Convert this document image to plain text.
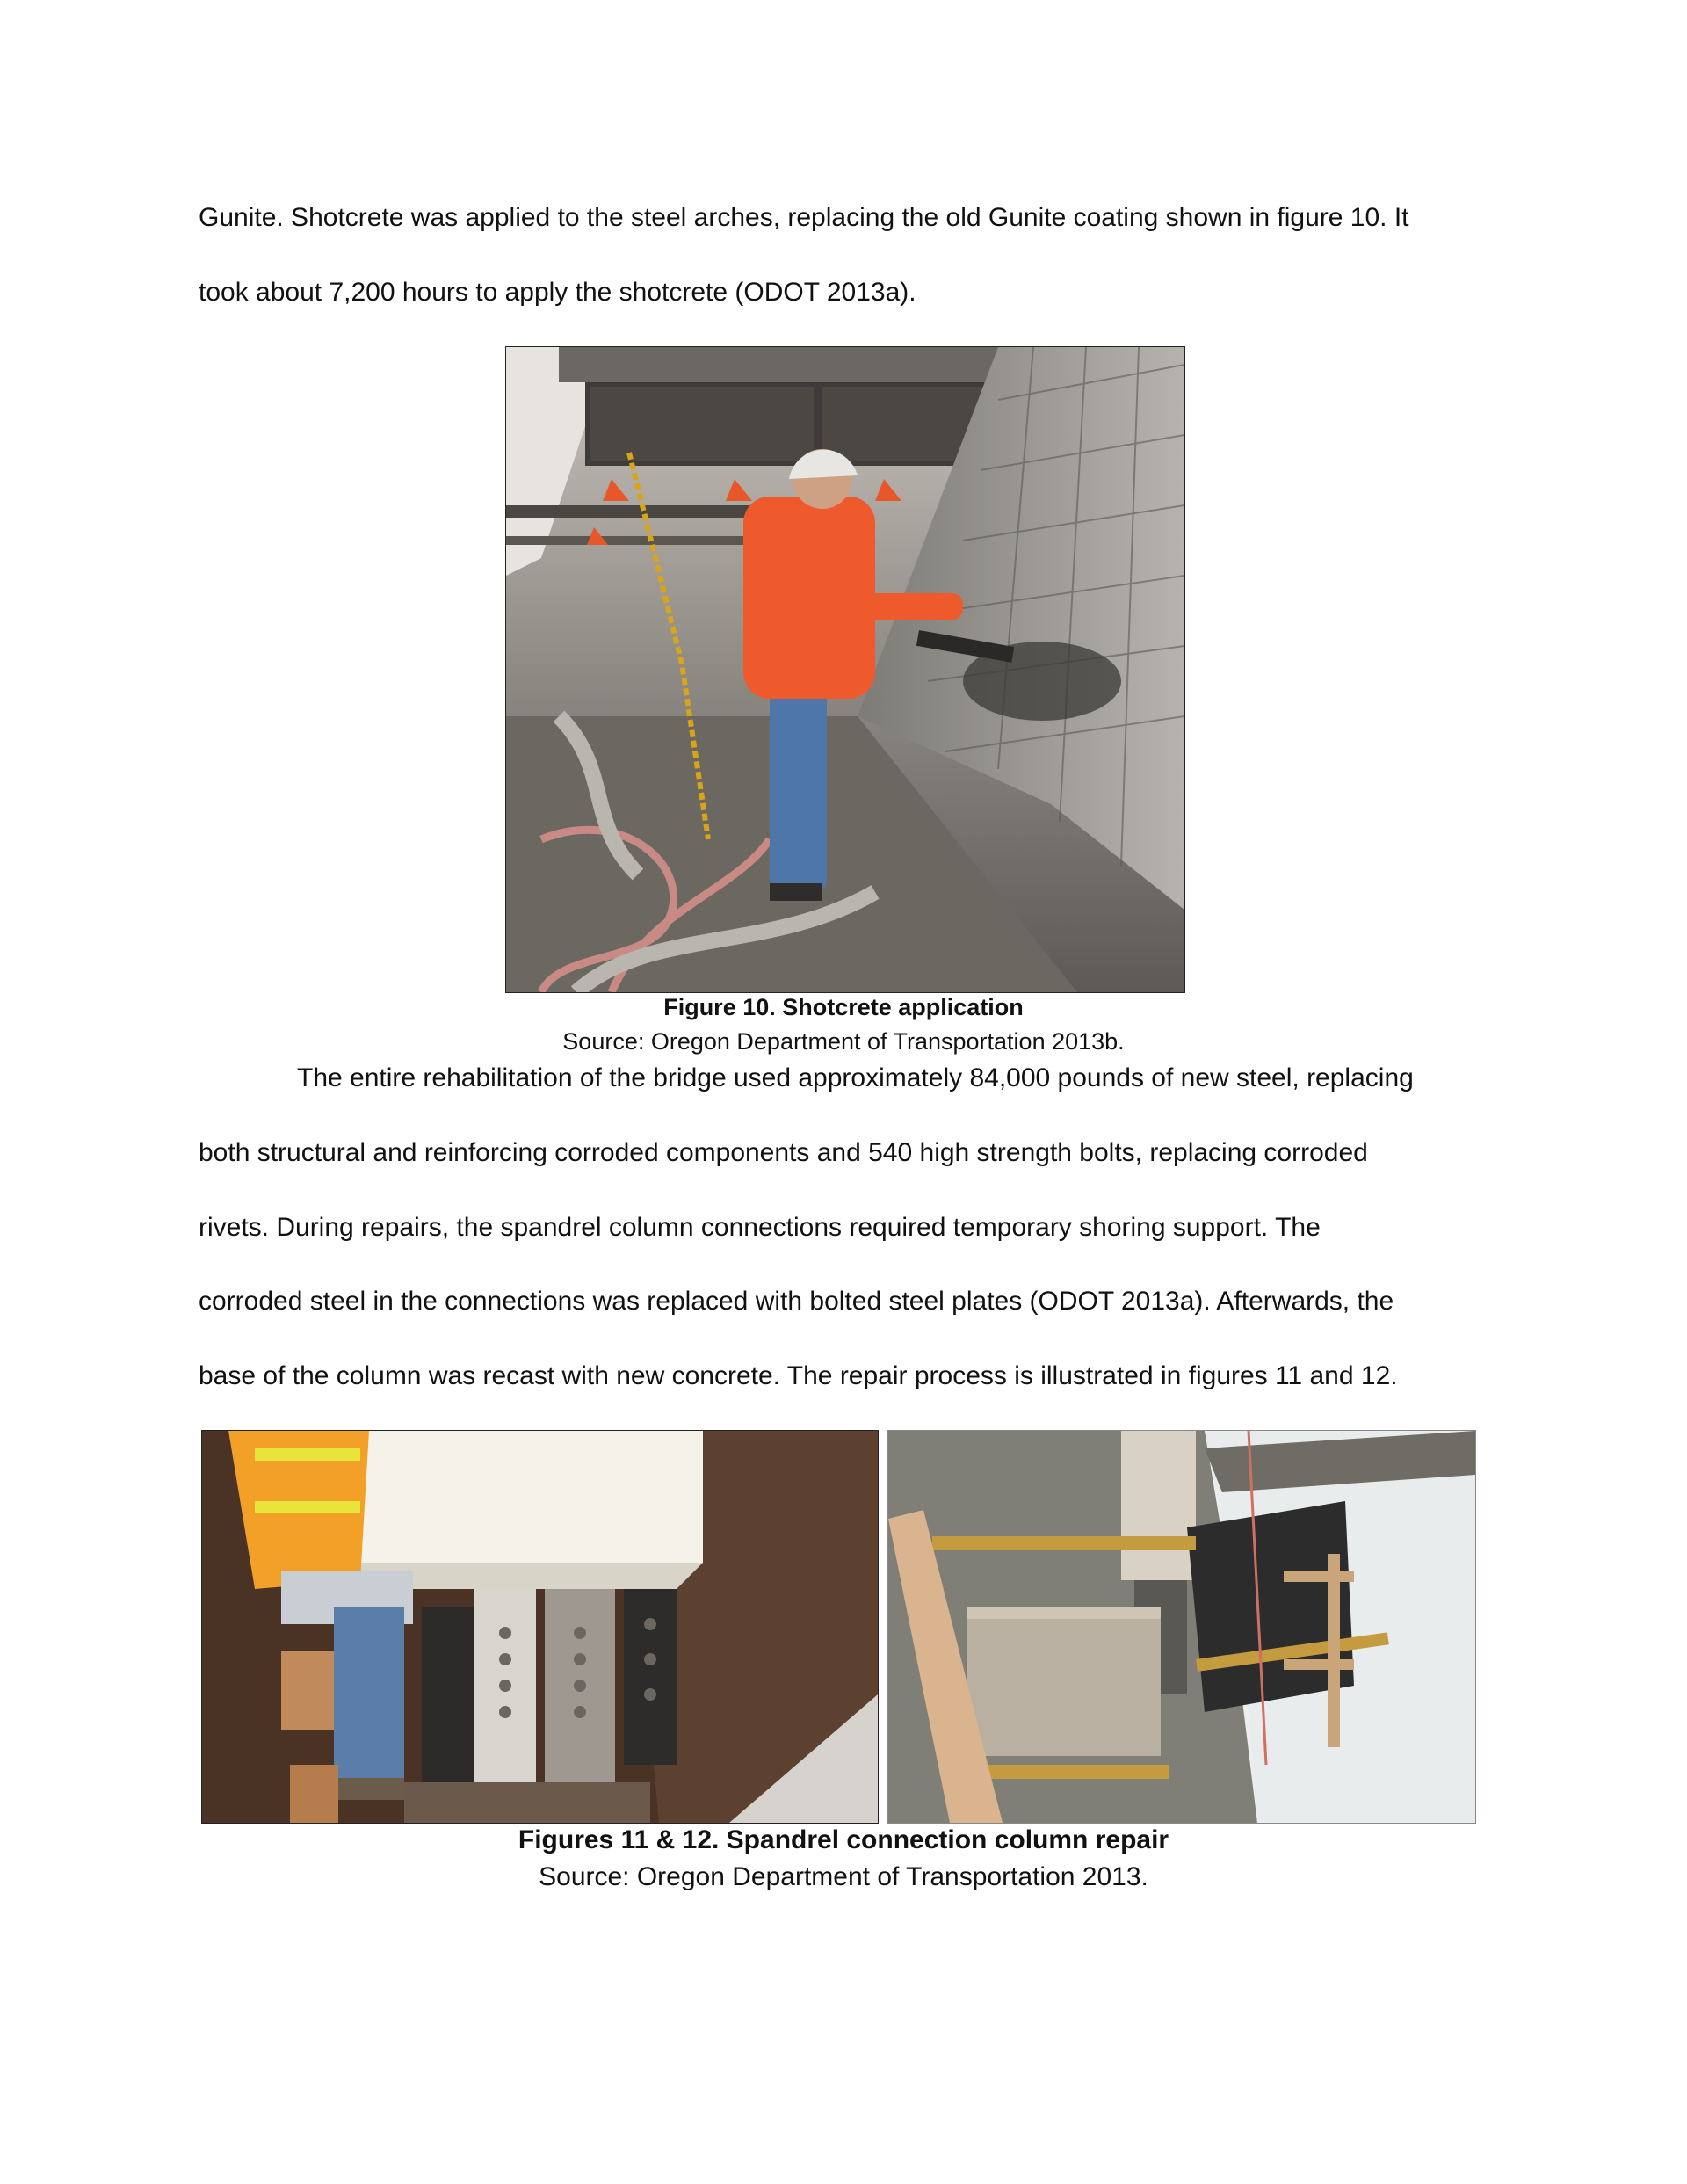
Gunite. Shotcrete was applied to the steel arches, replacing the old Gunite coating shown in figure 10. It

took about 7,200 hours to apply the shotcrete (ODOT 2013a).

Figure 10. Shotcrete application

Source: Oregon Department of Transportation 2013b.

The entire rehabilitation of the bridge used approximately 84,000 pounds of new steel, replacing

both structural and reinforcing corroded components and 540 high strength bolts, replacing corroded

rivets. During repairs, the spandrel column connections required temporary shoring support. The

corroded steel in the connections was replaced with bolted steel plates (ODOT 2013a). Afterwards, the

base of the column was recast with new concrete. The repair process is illustrated in figures 11 and 12.

Figures 11 & 12. Spandrel connection column repair

Source: Oregon Department of Transportation 2013.
